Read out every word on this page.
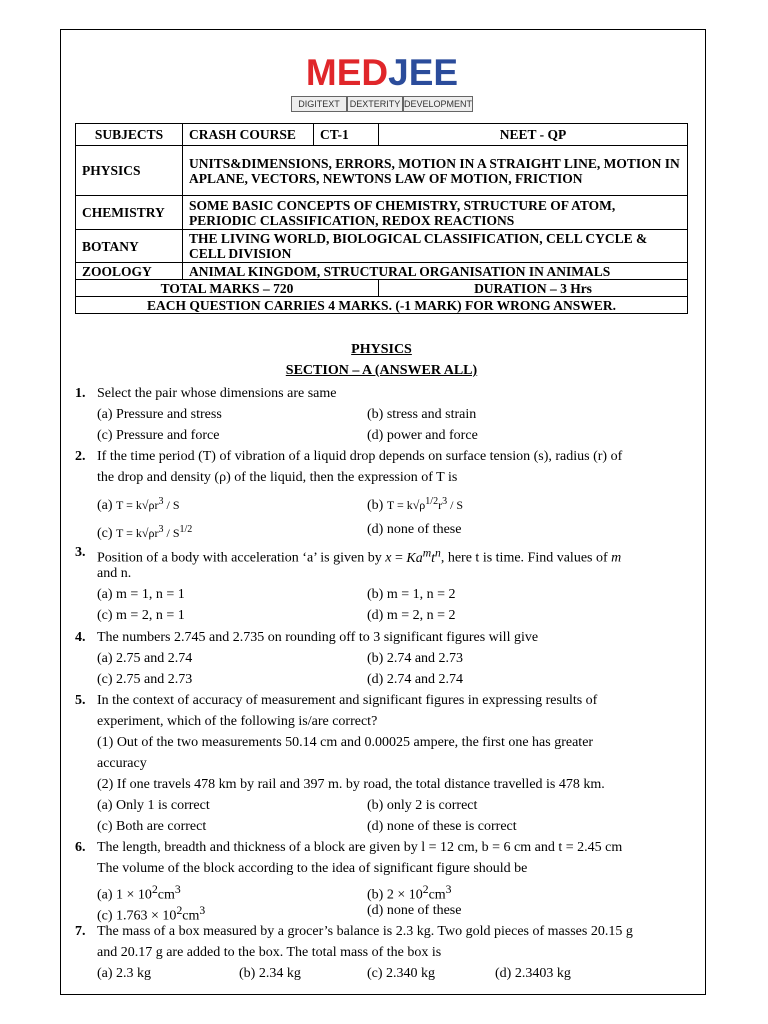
MEDJEE
DIGITEXT	DEXTERITY DEVELOPMENT
SUBJECTS	CRASH COURSE	CT-1	NEET - QP
PHYSICS	UNITS&DIMENSIONS, ERRORS, MOTION IN A STRAIGHT LINE, MOTION IN APLANE, VECTORS, NEWTONS LAW OF MOTION, FRICTION		
CHEMISTRY	SOME BASIC CONCEPTS OF CHEMISTRY, STRUCTURE OF ATOM, PERIODIC CLASSIFICATION, REDOX REACTIONS		
BOTANY	THE LIVING WORLD, BIOLOGICAL CLASSIFICATION, CELL CYCLE & CELL DIVISION		
ZOOLOGY	ANIMAL KINGDOM, STRUCTURAL ORGANISATION IN ANIMALS		
TOTAL MARKS – 720			DURATION – 3 Hrs
EACH QUESTION CARRIES 4 MARKS. (-1 MARK) FOR WRONG ANSWER.			
PHYSICS
SECTION – A (ANSWER ALL)
1. Select the pair whose dimensions are same
(a) Pressure and stress	(b) stress and strain
(c) Pressure and force	(d) power and force
2. If the time period (T) of vibration of a liquid drop depends on surface tension (s), radius (r) of
the drop and density (ρ) of the liquid, then the expression of T is
(a) $T = k√\rho r^3 / S$	(b) $T = k√\rho^{1/2}r^3 / S$
(c) $T = k√\rho r^3 / S^{1/2}$	(d) none of these
3. Position of a body with acceleration ‘a’ is given by $x = Ka^mt^n$, here t is time. Find values of m
and n.
(a) m = 1, n = 1	(b) m = 1, n = 2
(c) m = 2, n = 1	(d) m = 2, n = 2
4. The numbers 2.745 and 2.735 on rounding off to 3 significant figures will give
(a) 2.75 and 2.74	(b) 2.74 and 2.73
(c) 2.75 and 2.73	(d) 2.74 and 2.74
5. In the context of accuracy of measurement and significant figures in expressing results of
experiment, which of the following is/are correct?
(1) Out of the two measurements 50.14 cm and 0.00025 ampere, the first one has greater
accuracy
(2) If one travels 478 km by rail and 397 m. by road, the total distance travelled is 478 km.
(a) Only 1 is correct	(b) only 2 is correct
(c) Both are correct	(d) none of these is correct
6. The length, breadth and thickness of a block are given by l = 12 cm, b = 6 cm and t = 2.45 cm
The volume of the block according to the idea of significant figure should be
(a) $1 \times 10^2cm^3$	(b) $2 \times 10^2cm^3$
(c) $1.763 \times 10^2cm^3$	(d) none of these
7. The mass of a box measured by a grocer’s balance is 2.3 kg. Two gold pieces of masses 20.15 g
and 20.17 g are added to the box. The total mass of the box is
(a) 2.3 kg	(b) 2.34 kg	(c) 2.340 kg	(d) 2.3403 kg
